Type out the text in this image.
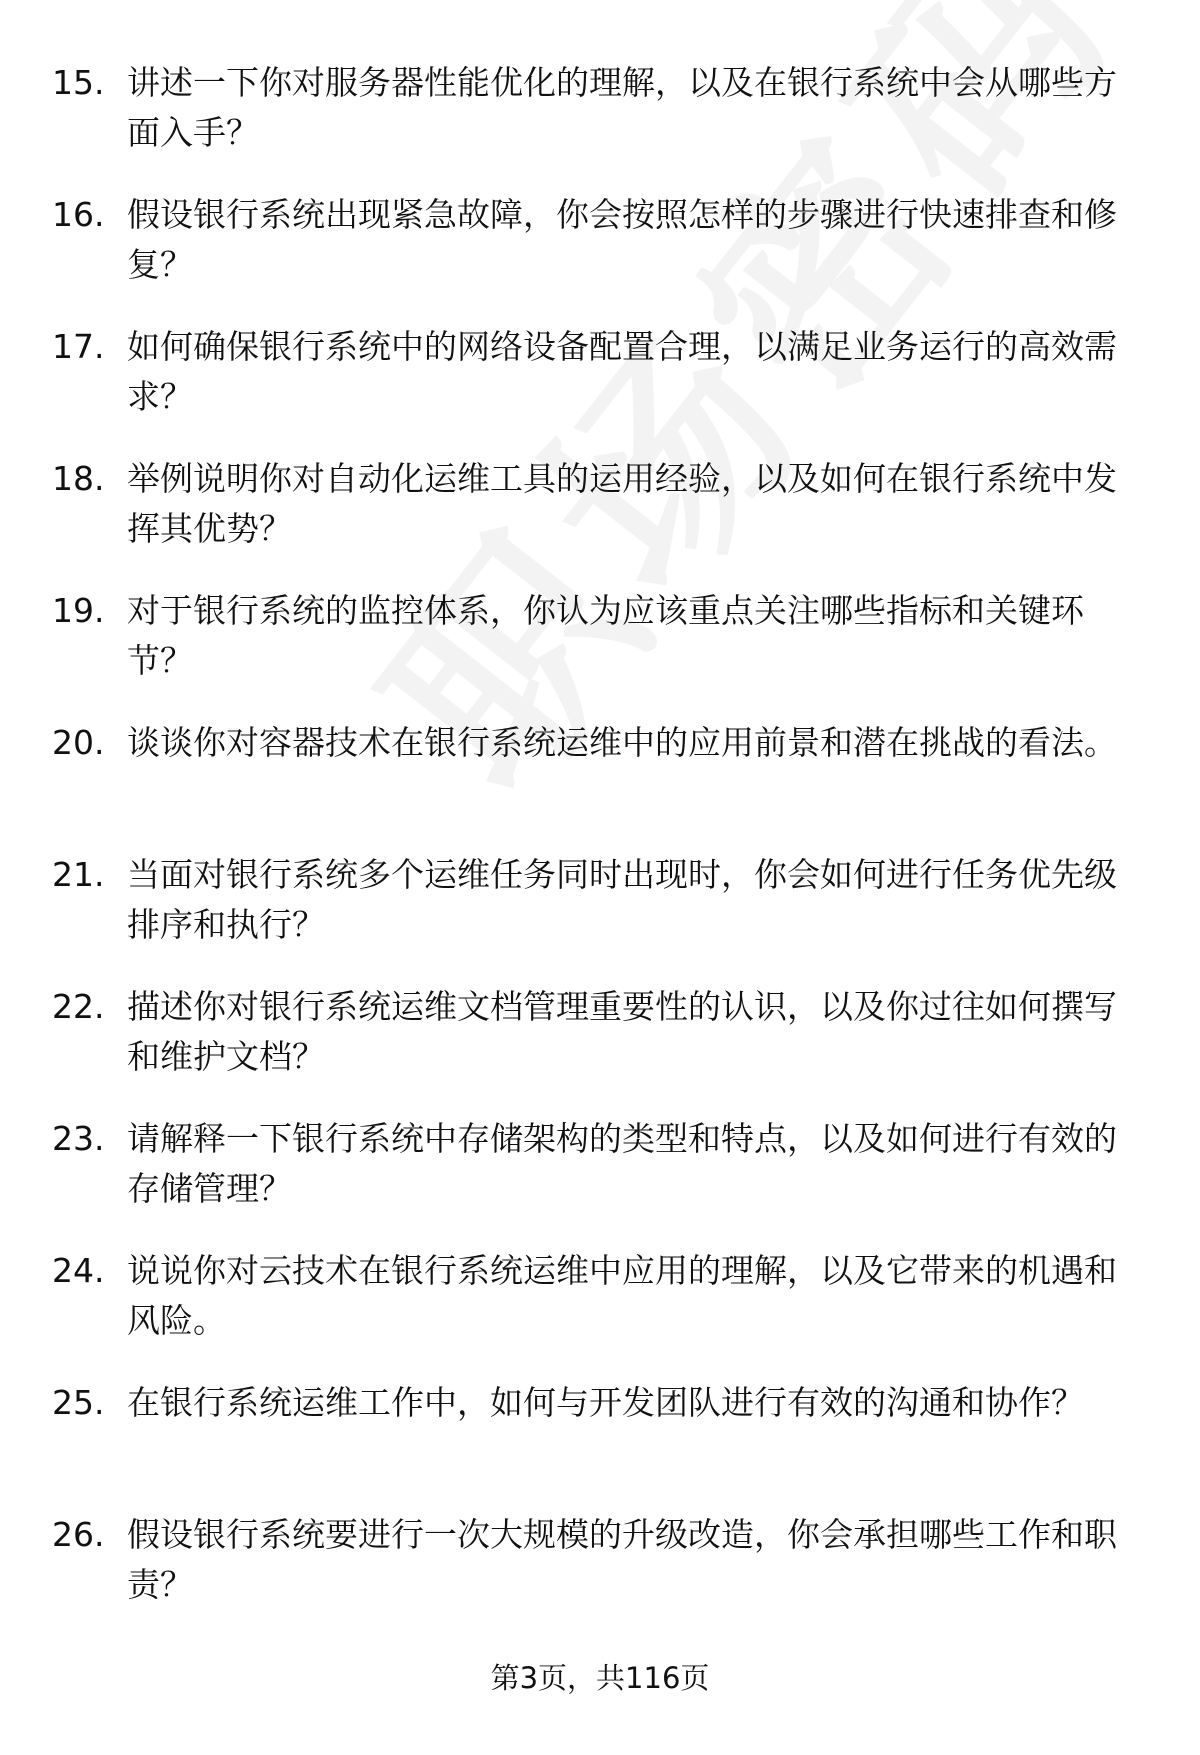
15. 讲述一下你对服务器性能优化的理解，以及在银行系统中会从哪些方面入手？
16. 假设银行系统出现紧急故障，你会按照怎样的步骤进行快速排查和修复？
17. 如何确保银行系统中的网络设备配置合理，以满足业务运行的高效需求？
18. 举例说明你对自动化运维工具的运用经验，以及如何在银行系统中发挥其优势？
19. 对于银行系统的监控体系，你认为应该重点关注哪些指标和关键环节？
20. 谈谈你对容器技术在银行系统运维中的应用前景和潜在挑战的看法。
21. 当面对银行系统多个运维任务同时出现时，你会如何进行任务优先级排序和执行？
22. 描述你对银行系统运维文档管理重要性的认识，以及你过往如何撰写和维护文档？
23. 请解释一下银行系统中存储架构的类型和特点，以及如何进行有效的存储管理？
24. 说说你对云技术在银行系统运维中应用的理解，以及它带来的机遇和风险。
25. 在银行系统运维工作中，如何与开发团队进行有效的沟通和协作？
26. 假设银行系统要进行一次大规模的升级改造，你会承担哪些工作和职责？
第3页，共116页
